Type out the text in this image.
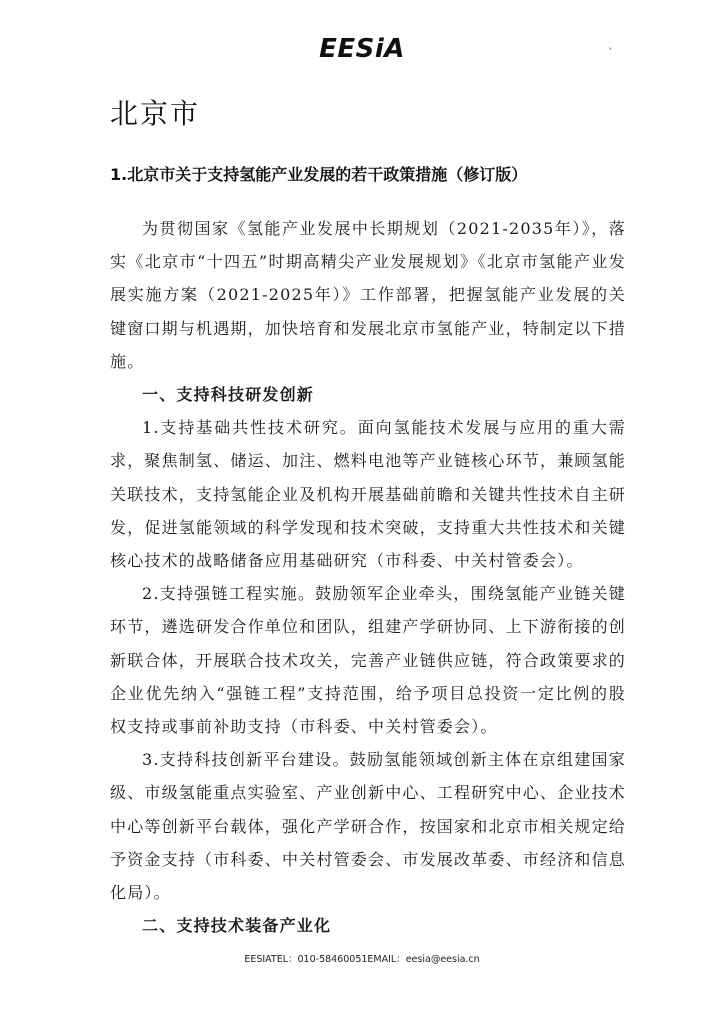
EESiA	`
北京市
1.北京市关于支持氢能产业发展的若干政策措施（修订版）

为贯彻国家《氢能产业发展中长期规划（2021-2035年）》，落实《北京市“十四五”时期高精尖产业发展规划》《北京市氢能产业发展实施方案（2021-2025年）》工作部署，把握氢能产业发展的关键窗口期与机遇期，加快培育和发展北京市氢能产业，特制定以下措施。

一、支持科技研发创新

1.支持基础共性技术研究。面向氢能技术发展与应用的重大需求，聚焦制氢、储运、加注、燃料电池等产业链核心环节，兼顾氢能关联技术，支持氢能企业及机构开展基础前瞻和关键共性技术自主研发，促进氢能领域的科学发现和技术突破，支持重大共性技术和关键核心技术的战略储备应用基础研究（市科委、中关村管委会）。

2.支持强链工程实施。鼓励领军企业牵头，围绕氢能产业链关键环节，遴选研发合作单位和团队，组建产学研协同、上下游衔接的创新联合体，开展联合技术攻关，完善产业链供应链，符合政策要求的企业优先纳入“强链工程”支持范围，给予项目总投资一定比例的股权支持或事前补助支持（市科委、中关村管委会）。

3.支持科技创新平台建设。鼓励氢能领域创新主体在京组建国家级、市级氢能重点实验室、产业创新中心、工程研究中心、企业技术中心等创新平台载体，强化产学研合作，按国家和北京市相关规定给予资金支持（市科委、中关村管委会、市发展改革委、市经济和信息化局）。

二、支持技术装备产业化
EESIATEL：010-58460051EMAIL：eesia@eesia.cn
